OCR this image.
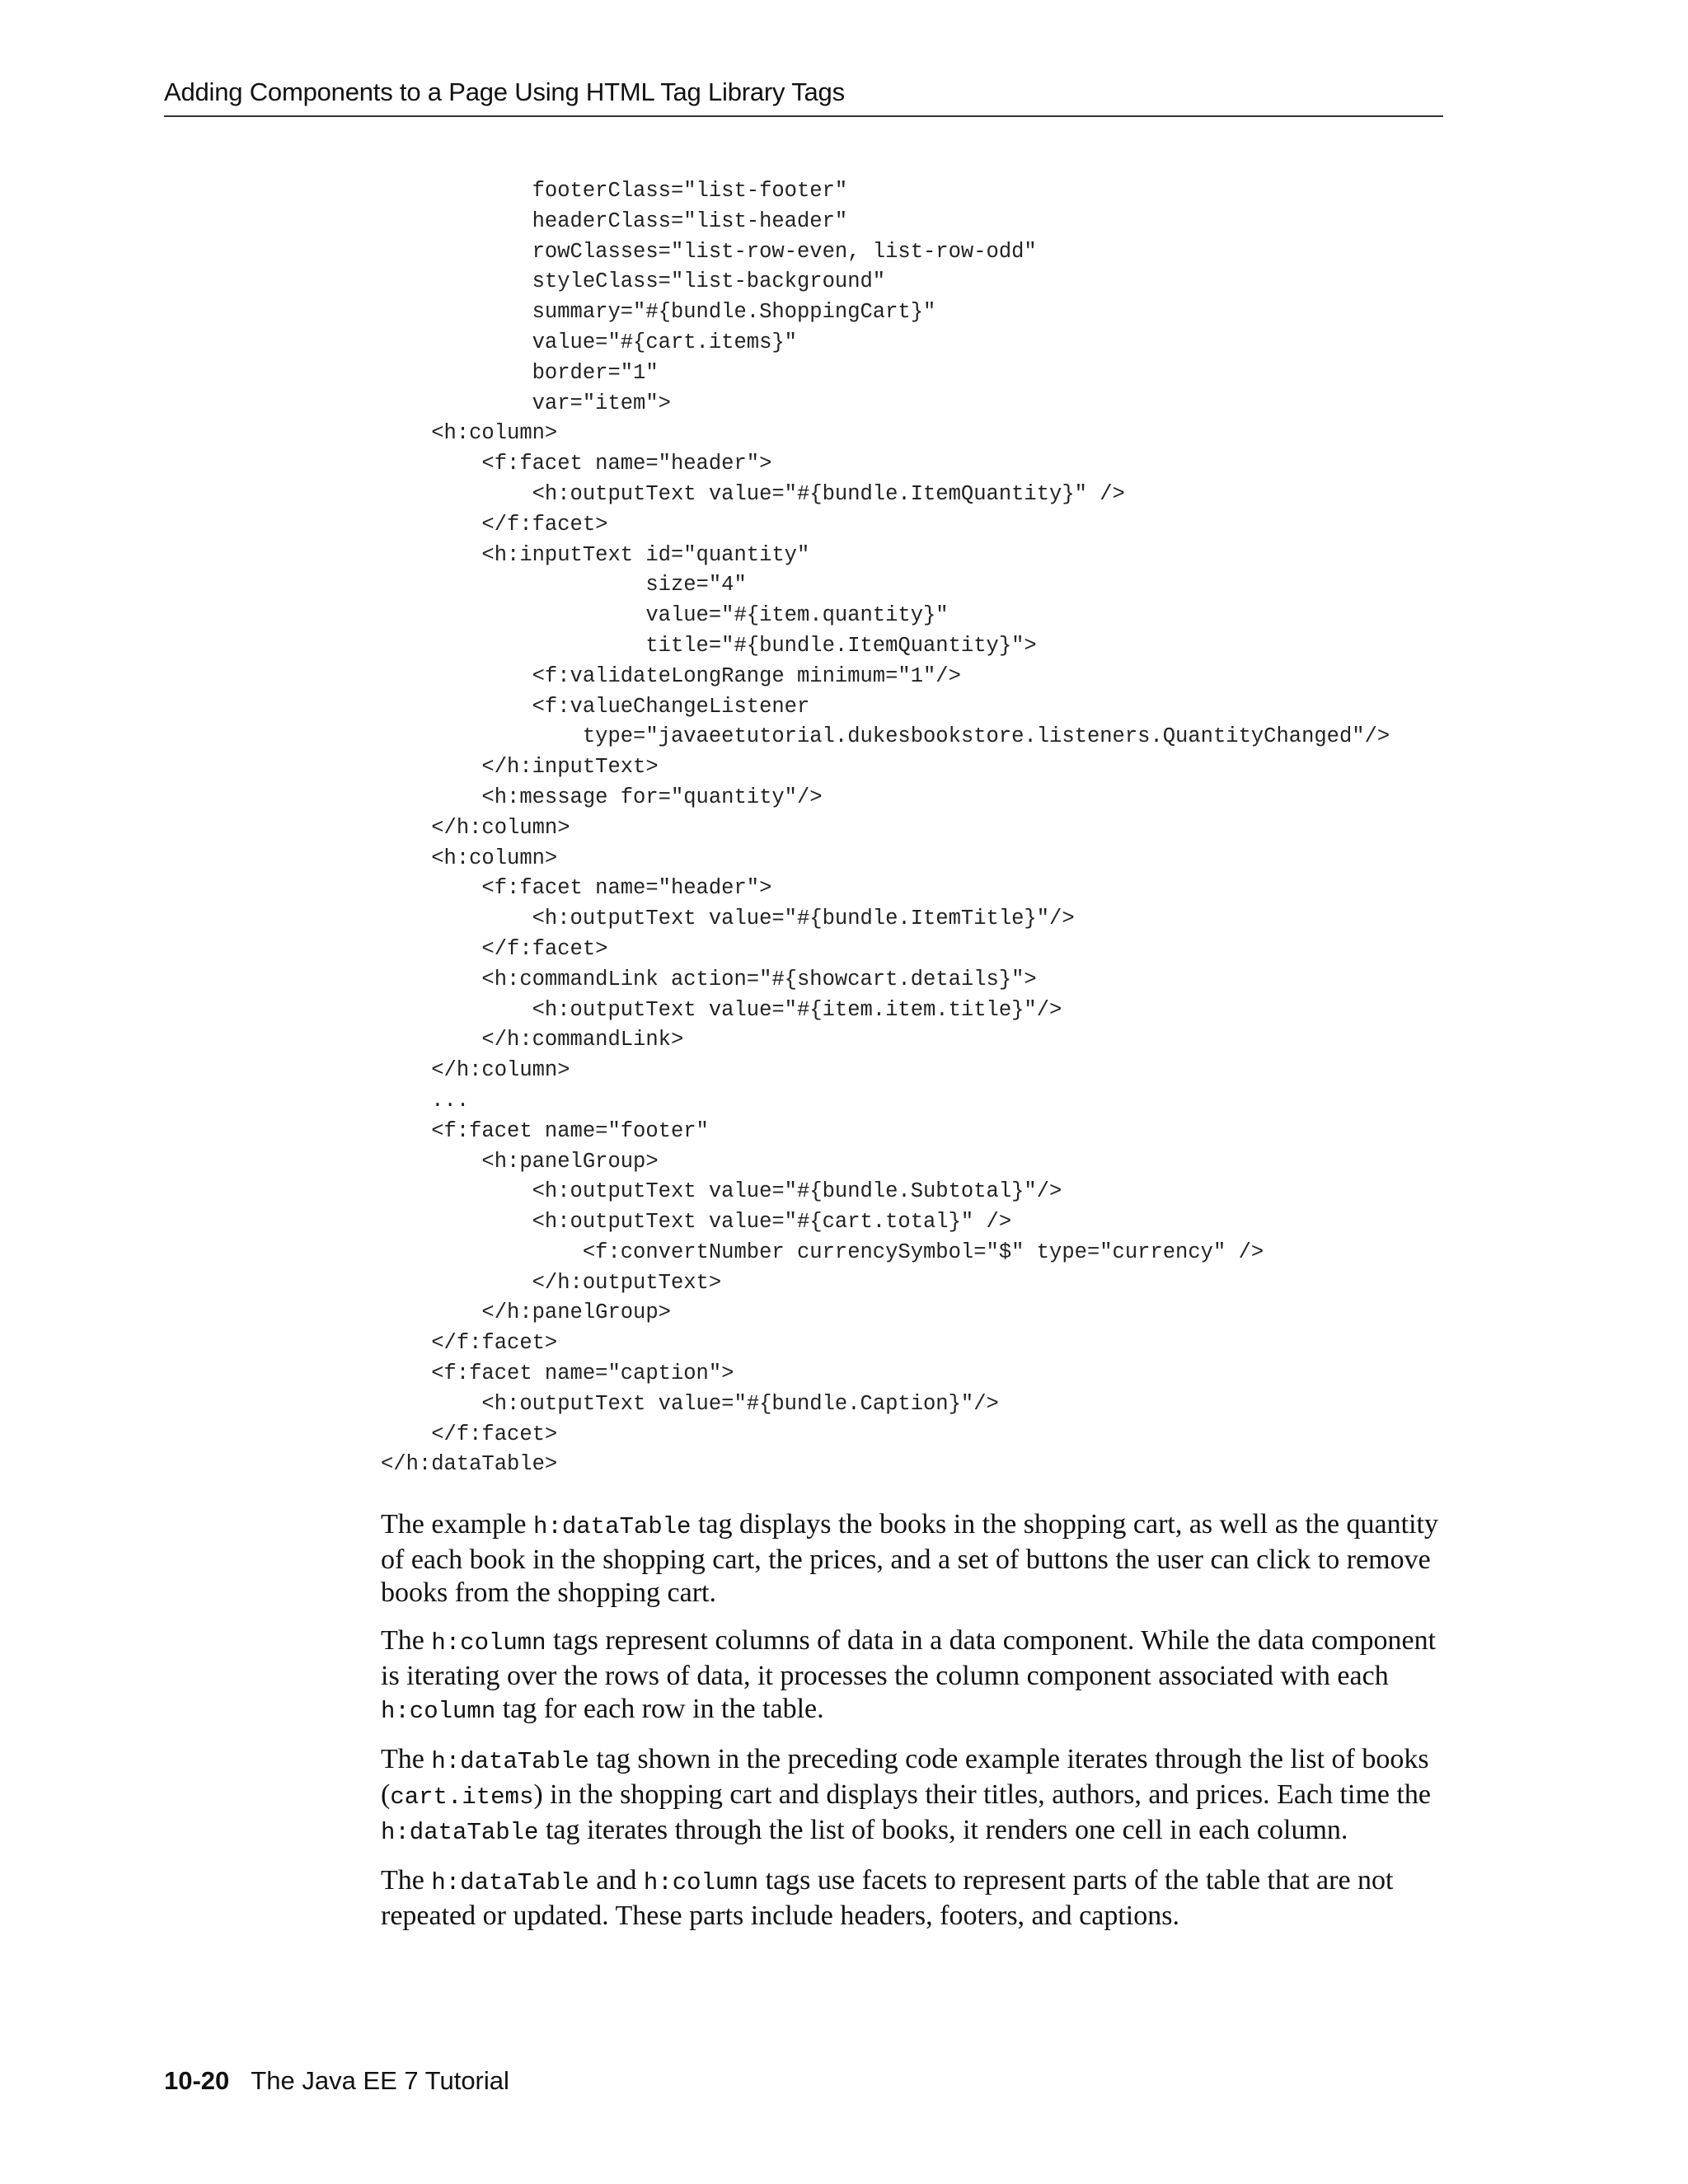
Adding Components to a Page Using HTML Tag Library Tags
footerClass="list-footer"
headerClass="list-header"
rowClasses="list-row-even, list-row-odd"
styleClass="list-background"
summary="#{bundle.ShoppingCart}"
value="#{cart.items}"
border="1"
var="item">
<h:column>
<f:facet name="header">
<h:outputText value="#{bundle.ItemQuantity}" />
</f:facet>
<h:inputText id="quantity"
size="4"
value="#{item.quantity}"
title="#{bundle.ItemQuantity}">
<f:validateLongRange minimum="1"/>
<f:valueChangeListener
type="javaeetutorial.dukesbookstore.listeners.QuantityChanged"/>
</h:inputText>
<h:message for="quantity"/>
</h:column>
<h:column>
<f:facet name="header">
<h:outputText value="#{bundle.ItemTitle}"/>
</f:facet>
<h:commandLink action="#{showcart.details}">
<h:outputText value="#{item.item.title}"/>
</h:commandLink>
</h:column>
...
<f:facet name="footer"
<h:panelGroup>
<h:outputText value="#{bundle.Subtotal}"/>
<h:outputText value="#{cart.total}" />
<f:convertNumber currencySymbol="$" type="currency" />
</h:outputText>
</h:panelGroup>
</f:facet>
<f:facet name="caption">
<h:outputText value="#{bundle.Caption}"/>
</f:facet>
</h:dataTable>

The example h:dataTable tag displays the books in the shopping cart, as well as the quantity of each book in the shopping cart, the prices, and a set of buttons the user can click to remove books from the shopping cart.

The h:column tags represent columns of data in a data component. While the data component is iterating over the rows of data, it processes the column component associated with each h:column tag for each row in the table.

The h:dataTable tag shown in the preceding code example iterates through the list of books (cart.items) in the shopping cart and displays their titles, authors, and prices. Each time the h:dataTable tag iterates through the list of books, it renders one cell in each column.

The h:dataTable and h:column tags use facets to represent parts of the table that are not repeated or updated. These parts include headers, footers, and captions.

10-20 The Java EE 7 Tutorial
